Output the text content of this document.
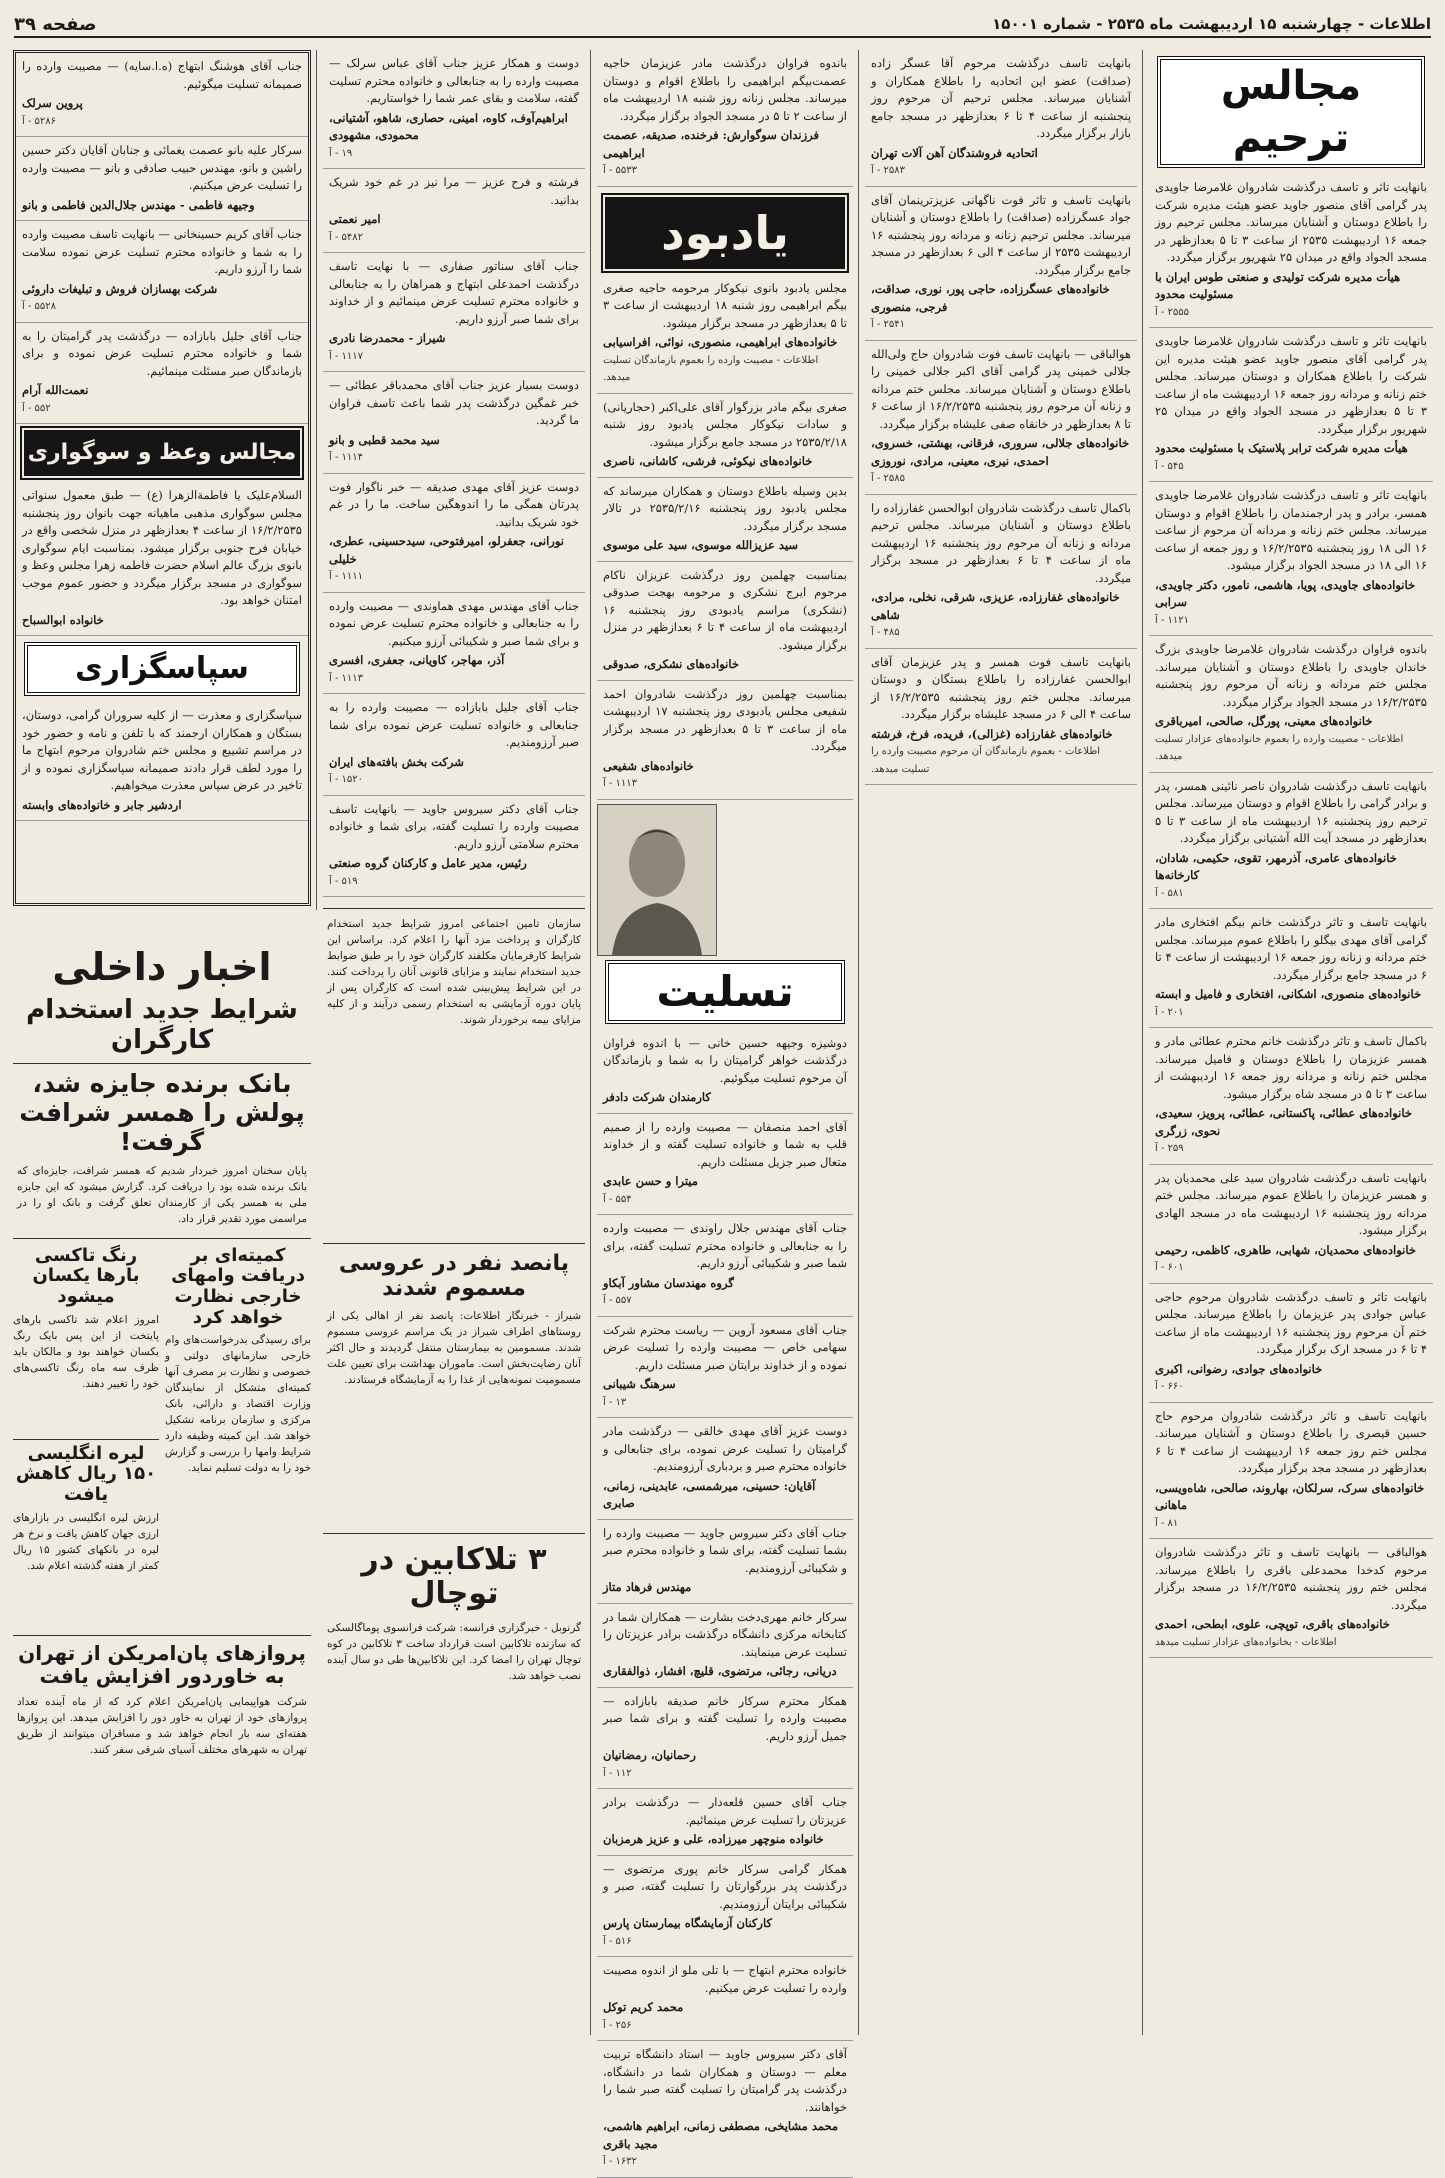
اطلاعات - چهارشنبه ۱۵ اردیبهشت ماه ۲۵۳۵ - شماره ۱۵۰۰۱
صفحه ۳۹
مجالس ترحیم
بانهایت تاثر و تاسف درگذشت شادروان غلامرضا جاویدی پدر گرامی آقای منصور جاوید عضو هیئت مدیره شرکت را باطلاع دوستان و آشنایان میرساند. مجلس ترحیم روز جمعه ۱۶ اردیبهشت ۲۵۳۵ از ساعت ۳ تا ۵ بعدازظهر در مسجد الجواد واقع در میدان ۲۵ شهریور برگزار میگردد.
هیأت مدیره شرکت تولیدی و صنعتی طوس ایران با مسئولیت محدود
۲۵۵۵ - آ
بانهایت تاثر و تاسف درگذشت شادروان غلامرضا جاویدی پدر گرامی آقای منصور جاوید عضو هیئت مدیره این شرکت را باطلاع همکاران و دوستان میرساند. مجلس ختم زنانه و مردانه روز جمعه ۱۶ اردیبهشت ماه از ساعت ۳ تا ۵ بعدازظهر در مسجد الجواد واقع در میدان ۲۵ شهریور برگزار میگردد.
هیأت مدیره شرکت ترابر پلاستیک با مسئولیت محدود
۵۴۵ - آ
بانهایت تاثر و تاسف درگذشت شادروان غلامرضا جاویدی همسر، برادر و پدر ارجمندمان را باطلاع اقوام و دوستان میرساند. مجلس ختم زنانه و مردانه آن مرحوم از ساعت ۱۶ الی ۱۸ روز پنجشنبه ۱۶/۲/۲۵۳۵ و روز جمعه از ساعت ۱۶ الی ۱۸ در مسجد الجواد برگزار میشود.
خانواده‌های جاویدی، پویا، هاشمی، نامور، دکتر جاویدی، سرابی
۱۱۲۱ - آ
باندوه فراوان درگذشت شادروان غلامرضا جاویدی بزرگ خاندان جاویدی را باطلاع دوستان و آشنایان میرساند. مجلس ختم مردانه و زنانه آن مرحوم روز پنجشنبه ۱۶/۲/۲۵۳۵ در مسجد الجواد برگزار میگردد.
خانواده‌های معینی، پورگل، صالحی، امیرباقری
اطلاعات - مصیبت وارده را بعموم خانواده‌های عزادار تسلیت میدهد.
بانهایت تاسف درگذشت شادروان ناصر نائینی همسر، پدر و برادر گرامی را باطلاع اقوام و دوستان میرساند. مجلس ترحیم روز پنجشنبه ۱۶ اردیبهشت ماه از ساعت ۳ تا ۵ بعدازظهر در مسجد آیت الله آشتیانی برگزار میگردد.
خانواده‌های عامری، آذرمهر، تقوی، حکیمی، شادان، کارخانه‌ها
۵۸۱ - آ
بانهایت تاسف و تاثر درگذشت خانم بیگم افتخاری مادر گرامی آقای مهدی بیگلو را باطلاع عموم میرساند. مجلس ختم مردانه و زنانه روز جمعه ۱۶ اردیبهشت از ساعت ۴ تا ۶ در مسجد جامع برگزار میگردد.
خانواده‌های منصوری، اشکانی، افتخاری و فامیل و ابسته
۲۰۱ - آ
باکمال تاسف و تاثر درگذشت خانم محترم عطائی مادر و همسر عزیزمان را باطلاع دوستان و فامیل میرساند. مجلس ختم زنانه و مردانه روز جمعه ۱۶ اردیبهشت از ساعت ۳ تا ۵ در مسجد شاه برگزار میشود.
خانواده‌های عطائی، پاکستانی، عطائی، پرویز، سعیدی، نحوی، زرگری
۲۵۹ - آ
بانهایت تاسف درگذشت شادروان سید علی محمدیان پدر و همسر عزیزمان را باطلاع عموم میرساند. مجلس ختم مردانه روز پنجشنبه ۱۶ اردیبهشت ماه در مسجد الهادی برگزار میشود.
خانواده‌های محمدیان، شهابی، طاهری، کاظمی، رحیمی
۶۰۱ - آ
بانهایت تاثر و تاسف درگذشت شادروان مرحوم حاجی عباس جوادی پدر عزیزمان را باطلاع میرساند. مجلس ختم آن مرحوم روز پنجشنبه ۱۶ اردیبهشت ماه از ساعت ۴ تا ۶ در مسجد ارک برگزار میگردد.
خانواده‌های جوادی، رضوانی، اکبری
۶۶۰ - آ
بانهایت تاسف و تاثر درگذشت شادروان مرحوم حاج حسین قیصری را باطلاع دوستان و آشنایان میرساند. مجلس ختم روز جمعه ۱۶ اردیبهشت از ساعت ۴ تا ۶ بعدازظهر در مسجد مجد برگزار میگردد.
خانواده‌های سرک، سرلکان، بهاروند، صالحی، شاه‌ویسی، ماهانی
۸۱ - آ
هوالباقی — بانهایت تاسف و تاثر درگذشت شادروان مرحوم کدخدا محمدعلی باقری را باطلاع میرساند. مجلس ختم روز پنجشنبه ۱۶/۲/۲۵۳۵ در مسجد برگزار میگردد.
خانواده‌های باقری، توپچی، علوی، ابطحی، احمدی
اطلاعات - بخانواده‌های عزادار تسلیت میدهد
بانهایت تاسف درگذشت مرحوم آقا عسگر زاده (صداقت) عضو این اتحادیه را باطلاع همکاران و آشنایان میرساند. مجلس ترحیم آن مرحوم روز پنجشنبه از ساعت ۴ تا ۶ بعدازظهر در مسجد جامع بازار برگزار میگردد.
اتحادیه فروشندگان آهن آلات تهران
۲۵۸۳ - آ
بانهایت تاسف و تاثر فوت ناگهانی عزیزترینمان آقای جواد عسگرزاده (صداقت) را باطلاع دوستان و آشنایان میرساند. مجلس ترحیم زنانه و مردانه روز پنجشنبه ۱۶ اردیبهشت ۲۵۳۵ از ساعت ۴ الی ۶ بعدازظهر در مسجد جامع برگزار میگردد.
خانواده‌های عسگرزاده، حاجی پور، نوری، صداقت، فرجی، منصوری
۲۵۴۱ - آ
هوالباقی — بانهایت تاسف فوت شادروان حاج ولی‌الله جلالی خمینی پدر گرامی آقای اکبر جلالی خمینی را باطلاع دوستان و آشنایان میرساند. مجلس ختم مردانه و زنانه آن مرحوم روز پنجشنبه ۱۶/۲/۲۵۳۵ از ساعت ۶ تا ۸ بعدازظهر در خانقاه صفی علیشاه برگزار میگردد.
خانواده‌های جلالی، سروری، فرقانی، بهشتی، خسروی، احمدی، نیری، معینی، مرادی، نوروزی
۲۵۸۵ - آ
باکمال تاسف درگذشت شادروان ابوالحسن غفارزاده را باطلاع دوستان و آشنایان میرساند. مجلس ترحیم مردانه و زنانه آن مرحوم روز پنجشنبه ۱۶ اردیبهشت ماه از ساعت ۴ تا ۶ بعدازظهر در مسجد برگزار میگردد.
خانواده‌های غفارزاده، عزیزی، شرقی، نخلی، مرادی، شاهی
۴۸۵ - آ
بانهایت تاسف فوت همسر و پدر عزیزمان آقای ابوالحسن غفارزاده را باطلاع بستگان و دوستان میرساند. مجلس ختم روز پنجشنبه ۱۶/۲/۲۵۳۵ از ساعت ۴ الی ۶ در مسجد علیشاه برگزار میگردد.
خانواده‌های غفارزاده (غزالی)، فریده، فرخ، فرشته
اطلاعات - بعموم بازماندگان آن مرحوم مصیبت وارده را تسلیت میدهد.
باندوه فراوان درگذشت مادر عزیزمان حاجیه عصمت‌بیگم ابراهیمی را باطلاع اقوام و دوستان میرساند. مجلس زنانه روز شنبه ۱۸ اردیبهشت ماه از ساعت ۲ تا ۵ در مسجد الجواد برگزار میگردد.
فرزندان سوگوارش: فرخنده، صدیقه، عصمت ابراهیمی
۵۵۳۳ - آ
یادبود
مجلس یادبود بانوی نیکوکار مرحومه حاجیه صغری بیگم ابراهیمی روز شنبه ۱۸ اردیبهشت از ساعت ۳ تا ۵ بعدازظهر در مسجد برگزار میشود.
خانواده‌های ابراهیمی، منصوری، نوائی، افراسیابی
اطلاعات - مصیبت وارده را بعموم بازماندگان تسلیت میدهد.
صغری بیگم مادر بزرگوار آقای علی‌اکبر (حجاریانی) و سادات نیکوکار مجلس یادبود روز شنبه ۲۵۳۵/۲/۱۸ در مسجد جامع برگزار میشود.
خانواده‌های نیکوئی، فرشی، کاشانی، ناصری
بدین وسیله باطلاع دوستان و همکاران میرساند که مجلس یادبود روز پنجشنبه ۲۵۳۵/۲/۱۶ در تالار مسجد برگزار میگردد.
سید عزیزالله موسوی، سید علی موسوی
بمناسبت چهلمین روز درگذشت عزیزان ناکام مرحوم ایرج نشکری و مرحومه بهجت صدوقی (نشکری) مراسم یادبودی روز پنجشنبه ۱۶ اردیبهشت ماه از ساعت ۴ تا ۶ بعدازظهر در منزل برگزار میشود.
خانواده‌های نشکری، صدوقی
بمناسبت چهلمین روز درگذشت شادروان احمد شفیعی مجلس یادبودی روز پنجشنبه ۱۷ اردیبهشت ماه از ساعت ۳ تا ۵ بعدازظهر در مسجد برگزار میگردد.
خانواده‌های شفیعی
۱۱۱۳ - آ
تسلیت
دوشیزه وجیهه حسین خانی — با اندوه فراوان درگذشت خواهر گرامیتان را به شما و بازماندگان آن مرحوم تسلیت میگوئیم.
کارمندان شرکت دادفر
آقای احمد منصفان — مصیبت وارده را از صمیم قلب به شما و خانواده تسلیت گفته و از خداوند متعال صبر جزیل مسئلت داریم.
میترا و حسن عابدی
۵۵۴ - آ
جناب آقای مهندس جلال راوندی — مصیبت وارده را به جنابعالی و خانواده محترم تسلیت گفته، برای شما صبر و شکیبائی آرزو داریم.
گروه مهندسان مشاور آبکاو
۵۵۷ - آ
جناب آقای مسعود آروین — ریاست محترم شرکت سهامی خاص — مصیبت وارده را تسلیت عرض نموده و از خداوند برایتان صبر مسئلت داریم.
سرهنگ شیبانی
۱۳ - آ
دوست عزیز آقای مهدی خالقی — درگذشت مادر گرامیتان را تسلیت عرض نموده، برای جنابعالی و خانواده محترم صبر و بردباری آرزومندیم.
آقایان: حسینی، میرشمسی، عابدینی، زمانی، صابری
جناب آقای دکتر سیروس جاوید — مصیبت وارده را بشما تسلیت گفته، برای شما و خانواده محترم صبر و شکیبائی آرزومندیم.
مهندس فرهاد متاز
سرکار خانم مهری‌دخت بشارت — همکاران شما در کتابخانه مرکزی دانشگاه درگذشت برادر عزیزتان را تسلیت عرض مینمایند.
دریانی، رجائی، مرتضوی، قلیچ، افشار، ذوالفقاری
همکار محترم سرکار خانم صدیقه بابازاده — مصیبت وارده را تسلیت گفته و برای شما صبر جمیل آرزو داریم.
رحمانیان، رمضانیان
۱۱۲ - آ
جناب آقای حسین قلعه‌دار — درگذشت برادر عزیزتان را تسلیت عرض مینمائیم.
خانواده منوچهر میرزاده، علی و عزیز هرمزبان
همکار گرامی سرکار خانم پوری مرتضوی — درگذشت پدر بزرگوارتان را تسلیت گفته، صبر و شکیبائی برایتان آرزومندیم.
کارکنان آزمایشگاه بیمارستان پارس
۵۱۶ - آ
خانواده محترم ابتهاج — با تلی ملو از اندوه مصیبت وارده را تسلیت عرض میکنیم.
محمد کریم توکل
۲۵۶ - آ
آقای دکتر سیروس جاوید — استاد دانشگاه تربیت معلم — دوستان و همکاران شما در دانشگاه، درگذشت پدر گرامیتان را تسلیت گفته صبر شما را خواهانند.
محمد مشایخی، مصطفی زمانی، ابراهیم هاشمی، مجید باقری
۱۶۳۲ - آ
دوست و همکار عزیز جناب آقای عباس سرلک — مصیبت وارده را به جنابعالی و خانواده محترم تسلیت گفته، سلامت و بقای عمر شما را خواستاریم.
ابراهیم‌آوف، کاوه، امینی، حصاری، شاهو، آشتیانی، محمودی، مشهودی
۱۹ - آ
فرشته و فرح عزیز — مرا نیز در غم خود شریک بدانید.
امیر نعمتی
۵۴۸۲ - آ
جناب آقای سناتور صفاری — با نهایت تاسف درگذشت احمدعلی ابتهاج و همراهان را به جنابعالی و خانواده محترم تسلیت عرض مینمائیم و از خداوند برای شما صبر آرزو داریم.
شیراز - محمدرضا نادری
۱۱۱۷ - آ
دوست بسیار عزیز جناب آقای محمدباقر عطائی — خبر غمگین درگذشت پدر شما باعث تاسف فراوان ما گردید.
سید محمد قطبی و بانو
۱۱۱۴ - آ
دوست عزیز آقای مهدی صدیقه — خبر ناگوار فوت پدرتان همگی ما را اندوهگین ساخت. ما را در غم خود شریک بدانید.
نورانی، جعفرلو، امیرفتوحی، سیدحسینی، عطری، خلیلی
۱۱۱۱ - آ
جناب آقای مهندس مهدی هماوندی — مصیبت وارده را به جنابعالی و خانواده محترم تسلیت عرض نموده و برای شما صبر و شکیبائی آرزو میکنیم.
آذر، مهاجر، کاویانی، جعفری، افسری
۱۱۱۳ - آ
جناب آقای جلیل بابازاده — مصیبت وارده را به جنابعالی و خانواده تسلیت عرض نموده برای شما صبر آرزومندیم.
شرکت بخش بافته‌های ایران
۱۵۲۰ - آ
جناب آقای دکتر سیروس جاوید — بانهایت تاسف مصیبت وارده را تسلیت گفته، برای شما و خانواده محترم سلامتی آرزو داریم.
رئیس، مدیر عامل و کارکنان گروه صنعتی
۵۱۹ - آ
سازمان تامین اجتماعی امروز شرایط جدید استخدام کارگران و پرداخت مزد آنها را اعلام کرد. براساس این شرایط کارفرمایان مکلفند کارگران خود را بر طبق ضوابط جدید استخدام نمایند و مزایای قانونی آنان را پرداخت کنند. در این شرایط پیش‌بینی شده است که کارگران پس از پایان دوره آزمایشی به استخدام رسمی درآیند و از کلیه مزایای بیمه برخوردار شوند.
پانصد نفر در عروسی مسموم شدند
شیراز - خبرنگار اطلاعات: پانصد نفر از اهالی یکی از روستاهای اطراف شیراز در یک مراسم عروسی مسموم شدند. مسمومین به بیمارستان منتقل گردیدند و حال اکثر آنان رضایت‌بخش است. ماموران بهداشت برای تعیین علت مسمومیت نمونه‌هایی از غذا را به آزمایشگاه فرستادند.
۳ تلاکابین در توچال
گرنوبل - خبرگزاری فرانسه: شرکت فرانسوی پوما‌گالسکی که سازنده تلاکابین است قرارداد ساخت ۳ تلاکابین در کوه توچال تهران را امضا کرد. این تلاکابین‌ها طی دو سال آینده نصب خواهد شد.
جناب آقای هوشنگ ابتهاج (ه.ا.سایه) — مصیبت وارده را صمیمانه تسلیت میگوئیم.
پروین سرلک
۵۲۸۶ - آ
سرکار علیه بانو عصمت یغمائی و جنابان آقایان دکتر حسین راشین و بانو، مهندس حبیب صادقی و بانو — مصیبت وارده را تسلیت عرض میکنیم.
وجیهه فاطمی - مهندس جلال‌الدین فاطمی و بانو
جناب آقای کریم حسینخانی — بانهایت تاسف مصیبت وارده را به شما و خانواده محترم تسلیت عرض نموده سلامت شما را آرزو داریم.
شرکت بهسازان فروش و تبلیغات داروئی
۵۵۲۸ - آ
جناب آقای جلیل بابازاده — درگذشت پدر گرامیتان را به شما و خانواده محترم تسلیت عرض نموده و برای بازماندگان صبر مسئلت مینمائیم.
نعمت‌الله آرام
۵۵۲ - آ
مجالس وعظ و سوگواری
السلام‌علیک یا فاطمة‌الزهرا (ع) — طبق معمول سنواتی مجلس سوگواری مذهبی ماهیانه جهت بانوان روز پنجشنبه ۱۶/۲/۲۵۳۵ از ساعت ۴ بعدازظهر در منزل شخصی واقع در خیابان فرح جنوبی برگزار میشود. بمناسبت ایام سوگواری بانوی بزرگ عالم اسلام حضرت فاطمه زهرا مجلس وعظ و سوگواری در مسجد برگزار میگردد و حضور عموم موجب امتنان خواهد بود.
خانواده ابوالسباح
سپاسگزاری
سپاسگزاری و معذرت — از کلیه سروران گرامی، دوستان، بستگان و همکاران ارجمند که با تلفن و نامه و حضور خود در مراسم تشییع و مجلس ختم شادروان مرحوم ابتهاج ما را مورد لطف قرار دادند صمیمانه سپاسگزاری نموده و از تاخیر در عرض سپاس معذرت میخواهیم.
اردشیر جابر و خانواده‌های وابسته
اخبار داخلی
شرایط جدید استخدام کارگران
بانک برنده جایزه شد، پولش را همسر شرافت گرفت!
پایان سخنان امروز خبردار شدیم که همسر شرافت، جایزه‌ای که بانک برنده شده بود را دریافت کرد. گزارش میشود که این جایزه ملی به همسر یکی از کارمندان تعلق گرفت و بانک او را در مراسمی مورد تقدیر قرار داد.
کمیته‌ای بر دریافت وامهای خارجی نظارت خواهد کرد
برای رسیدگی بدرخواست‌های وام خارجی سازمانهای دولتی و خصوصی و نظارت بر مصرف آنها کمیته‌ای متشکل از نمایندگان وزارت اقتصاد و دارائی، بانک مرکزی و سازمان برنامه تشکیل خواهد شد. این کمیته وظیفه دارد شرایط وامها را بررسی و گزارش خود را به دولت تسلیم نماید.
رنگ تاکسی بارها یکسان میشود
امروز اعلام شد تاکسی بارهای پایتخت از این پس بایک رنگ یکسان خواهند بود و مالکان باید ظرف سه ماه رنگ تاکسی‌های خود را تغییر دهند.
لیره انگلیسی ۱۵۰ ریال کاهش یافت
ارزش لیره انگلیسی در بازارهای ارزی جهان کاهش یافت و نرخ هر لیره در بانکهای کشور ۱۵ ریال کمتر از هفته گذشته اعلام شد.
پروازهای پان‌امریکن از تهران به خاوردور افزایش یافت
شرکت هواپیمایی پان‌امریکن اعلام کرد که از ماه آینده تعداد پروازهای خود از تهران به خاور دور را افزایش میدهد. این پروازها هفته‌ای سه بار انجام خواهد شد و مسافران میتوانند از طریق تهران به شهرهای مختلف آسیای شرقی سفر کنند.
